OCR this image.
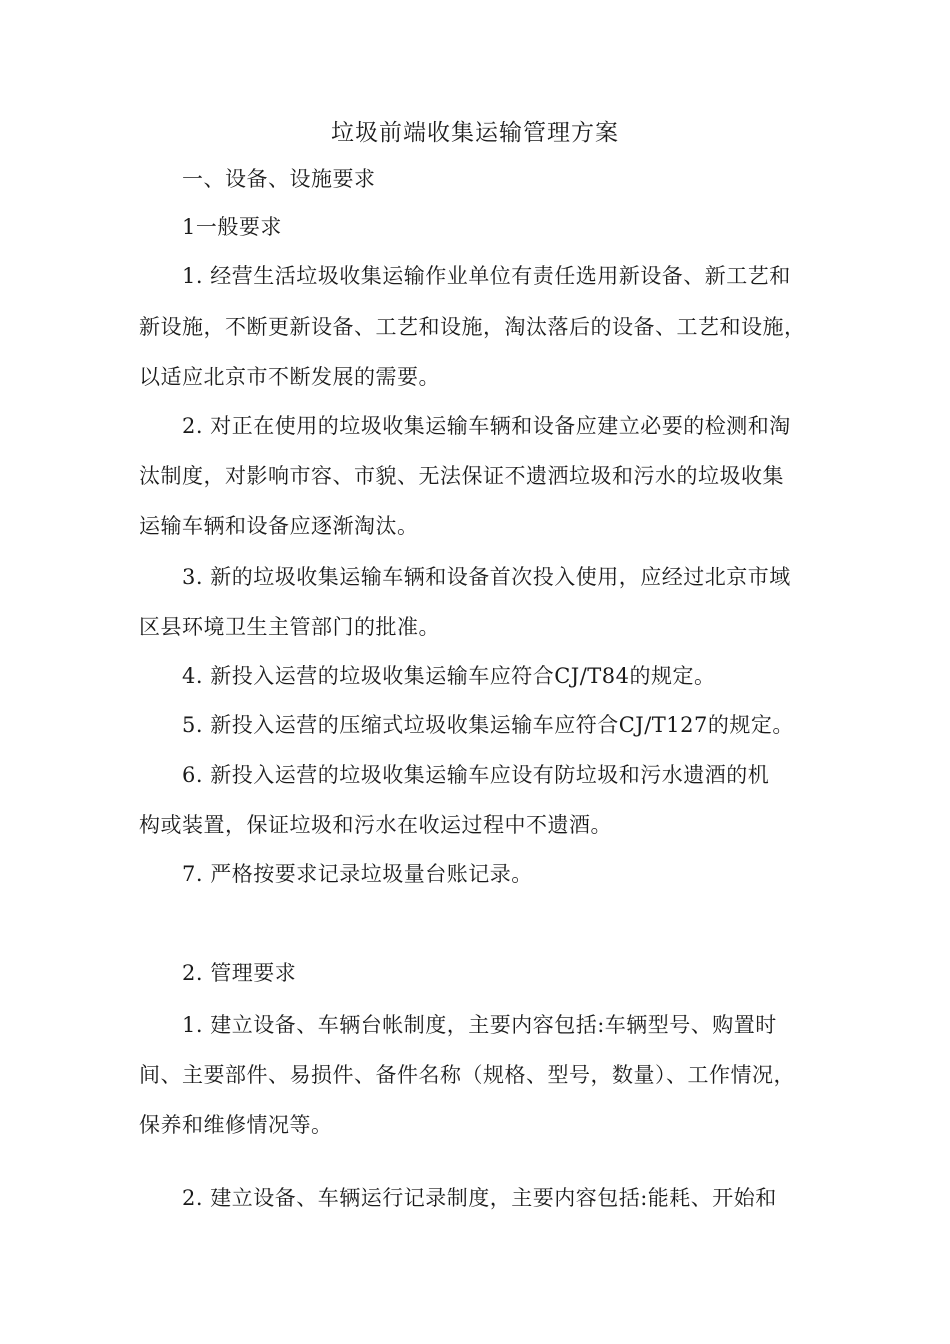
垃圾前端收集运输管理方案
一、设备、设施要求
1一般要求
1. 经营生活垃圾收集运输作业单位有责任选用新设备、新工艺和
新设施，不断更新设备、工艺和设施，淘汰落后的设备、工艺和设施，
以适应北京市不断发展的需要。
2. 对正在使用的垃圾收集运输车辆和设备应建立必要的检测和淘
汰制度，对影响市容、市貌、无法保证不遗洒垃圾和污水的垃圾收集
运输车辆和设备应逐渐淘汰。
3. 新的垃圾收集运输车辆和设备首次投入使用，应经过北京市域
区县环境卫生主管部门的批准。
4. 新投入运营的垃圾收集运输车应符合CJ/T84的规定。
5. 新投入运营的压缩式垃圾收集运输车应符合CJ/T127的规定。
6. 新投入运营的垃圾收集运输车应设有防垃圾和污水遗酒的机
构或装置，保证垃圾和污水在收运过程中不遗酒。
7. 严格按要求记录垃圾量台账记录。
2. 管理要求
1. 建立设备、车辆台帐制度，主要内容包括:车辆型号、购置时
间、主要部件、易损件、备件名称（规格、型号，数量）、工作情况，
保养和维修情况等。
2. 建立设备、车辆运行记录制度，主要内容包括:能耗、开始和
